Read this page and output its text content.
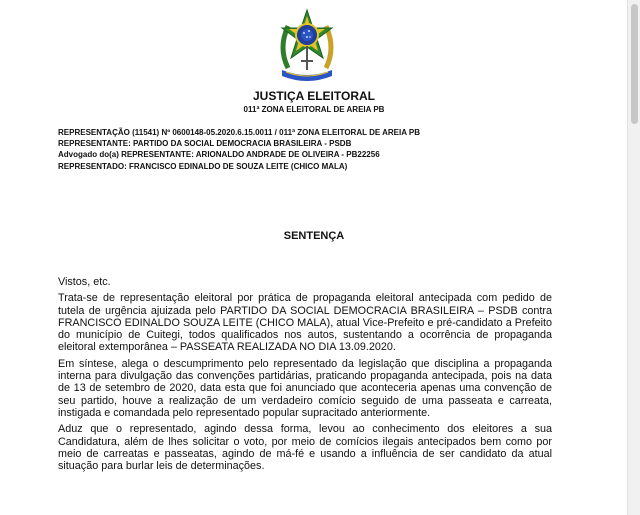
JUSTIÇA ELEITORAL
011ª ZONA ELEITORAL DE AREIA PB
REPRESENTAÇÃO (11541) Nº 0600148-05.2020.6.15.0011 / 011ª ZONA ELEITORAL DE AREIA PB
REPRESENTANTE: PARTIDO DA SOCIAL DEMOCRACIA BRASILEIRA - PSDB
Advogado do(a) REPRESENTANTE: ARIONALDO ANDRADE DE OLIVEIRA - PB22256
REPRESENTADO: FRANCISCO EDINALDO DE SOUZA LEITE (CHICO MALA)
SENTENÇA

Vistos, etc.

Trata-se de representação eleitoral por prática de propaganda eleitoral antecipada com pedido de tutela de urgência ajuizada pelo PARTIDO DA SOCIAL DEMOCRACIA BRASILEIRA – PSDB contra FRANCISCO EDINALDO SOUZA LEITE (CHICO MALA), atual Vice-Prefeito e pré-candidato a Prefeito do município de Cuitegi, todos qualificados nos autos, sustentando a ocorrência de propaganda eleitoral extemporânea – PASSEATA REALIZADA NO DIA 13.09.2020.

Em síntese, alega o descumprimento pelo representado da legislação que disciplina a propaganda interna para divulgação das convenções partidárias, praticando propaganda antecipada, pois na data de 13 de setembro de 2020, data esta que foi anunciado que aconteceria apenas uma convenção de seu partido, houve a realização de um verdadeiro comício seguido de uma passeata e carreata, instigada e comandada pelo representado popular supracitado anteriormente.

Aduz que o representado, agindo dessa forma, levou ao conhecimento dos eleitores a sua Candidatura, além de lhes solicitar o voto, por meio de comícios ilegais antecipados bem como por meio de carreatas e passeatas, agindo de má-fé e usando a influência de ser candidato da atual situação para burlar leis de determinações.
